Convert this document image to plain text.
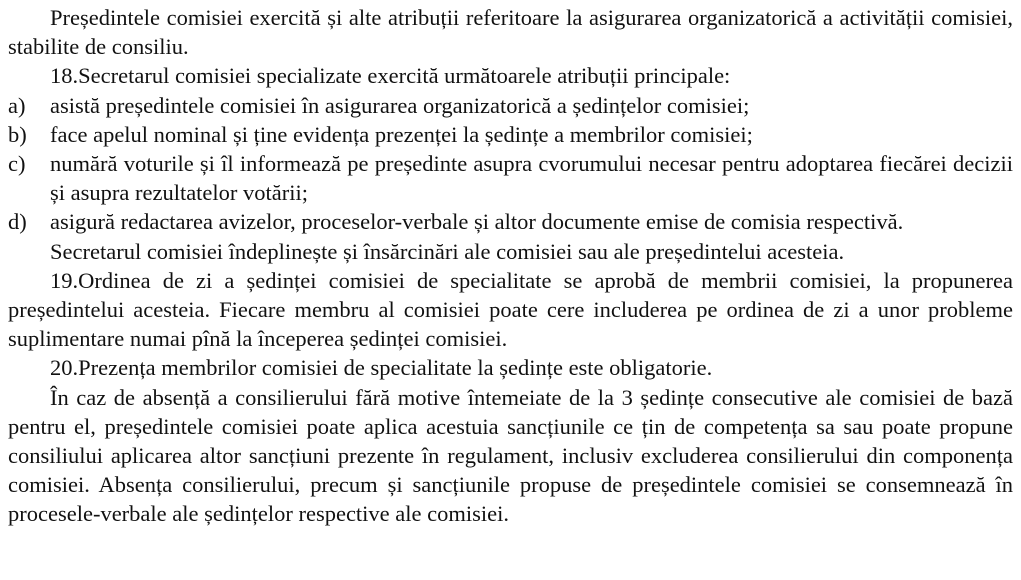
Președintele comisiei exercită și alte atribuții referitoare la asigurarea organizatorică a activității comisiei, stabilite de consiliu.

18.Secretarul comisiei specializate exercită următoarele atribuții principale:

a)	asistă președintele comisiei în asigurarea organizatorică a ședințelor comisiei;
b)	face apelul nominal și ține evidența prezenței la ședințe a membrilor comisiei;
c)	numără voturile și îl informează pe președinte asupra cvorumului necesar pentru adoptarea fiecărei decizii și asupra rezultatelor votării;
d)	asigură redactarea avizelor, proceselor-verbale și altor documente emise de comisia respectivă.

Secretarul comisiei îndeplinește și însărcinări ale comisiei sau ale președintelui acesteia.

19.Ordinea de zi a ședinței comisiei de specialitate se aprobă de membrii comisiei, la propunerea președintelui acesteia. Fiecare membru al comisiei poate cere includerea pe ordinea de zi a unor probleme suplimentare numai pînă la începerea ședinței comisiei.

20.Prezența membrilor comisiei de specialitate la ședințe este obligatorie.

În caz de absență a consilierului fără motive întemeiate de la 3 ședințe consecutive ale comisiei de bază pentru el, președintele comisiei poate aplica acestuia sancțiunile ce țin de competența sa sau poate propune consiliului aplicarea altor sancțiuni prezente în regulament, inclusiv excluderea consilierului din componența comisiei. Absența consilierului, precum și sancțiunile propuse de președintele comisiei se consemnează în procesele-verbale ale ședințelor respective ale comisiei.
